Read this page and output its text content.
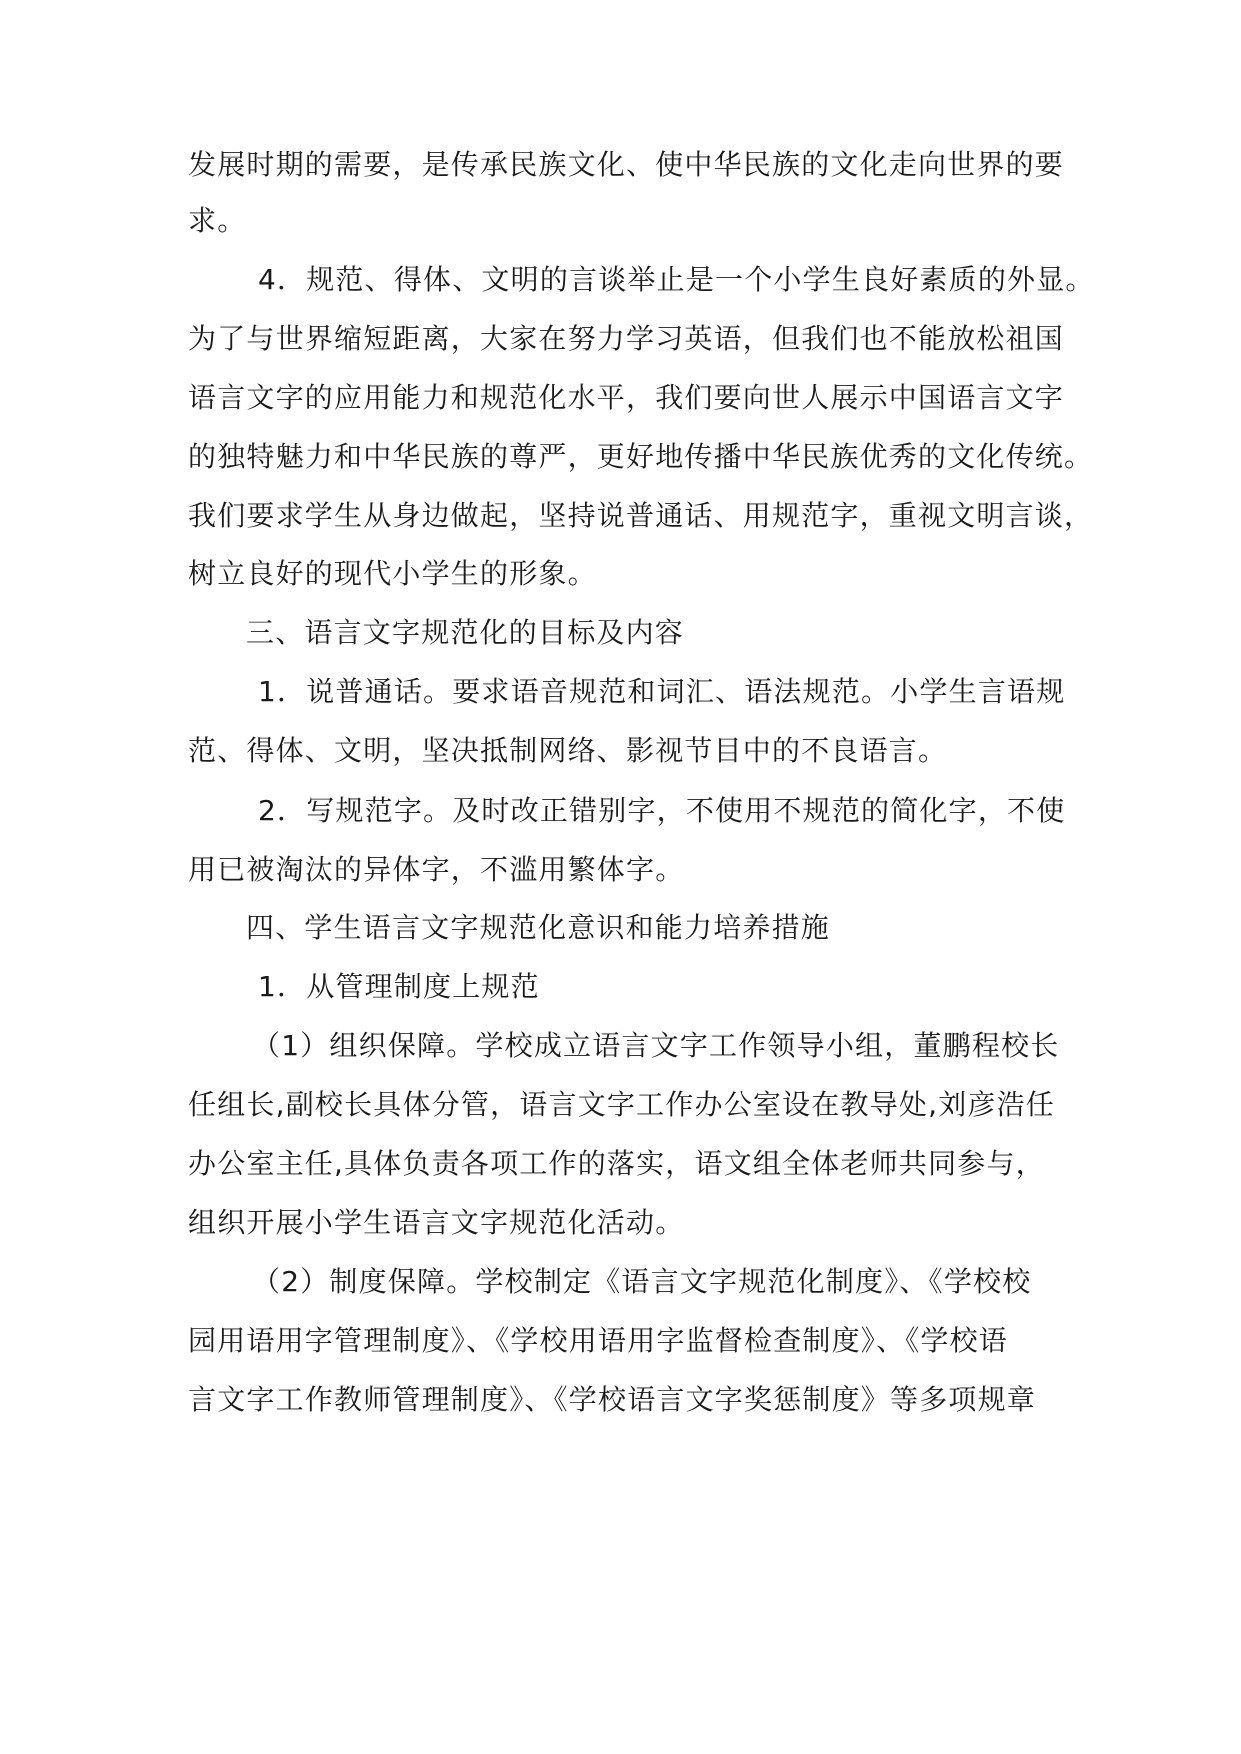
发展时期的需要，是传承民族文化、使中华民族的文化走向世界的要
求。
4．规范、得体、文明的言谈举止是一个小学生良好素质的外显。
为了与世界缩短距离，大家在努力学习英语，但我们也不能放松祖国
语言文字的应用能力和规范化水平，我们要向世人展示中国语言文字
的独特魅力和中华民族的尊严，更好地传播中华民族优秀的文化传统。
我们要求学生从身边做起，坚持说普通话、用规范字，重视文明言谈，
树立良好的现代小学生的形象。
三、语言文字规范化的目标及内容
1．说普通话。要求语音规范和词汇、语法规范。小学生言语规
范、得体、文明，坚决抵制网络、影视节目中的不良语言。
2．写规范字。及时改正错别字，不使用不规范的简化字，不使
用已被淘汰的异体字，不滥用繁体字。
四、学生语言文字规范化意识和能力培养措施
1．从管理制度上规范
（1）组织保障。学校成立语言文字工作领导小组，董鹏程校长
任组长,副校长具体分管，语言文字工作办公室设在教导处,刘彦浩任
办公室主任,具体负责各项工作的落实，语文组全体老师共同参与，
组织开展小学生语言文字规范化活动。
（2）制度保障。学校制定《语言文字规范化制度》、《学校校
园用语用字管理制度》、《学校用语用字监督检查制度》、《学校语
言文字工作教师管理制度》、《学校语言文字奖惩制度》等多项规章
